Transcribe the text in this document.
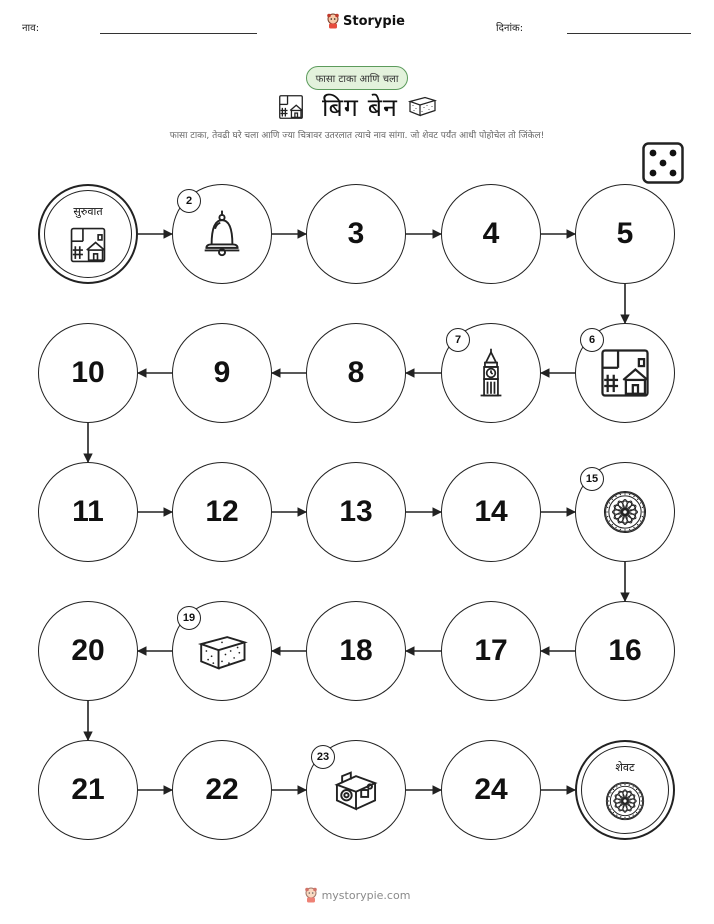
नाव:	Storypie	दिनांक:
फासा टाका आणि चला
बिग बेन
फासा टाका, तेवढी घरे चला आणि ज्या चित्रावर उतरलात त्याचे नाव सांगा. जो शेवट पर्यंत आधी पोहोचेल तो जिंकेल!
सुरुवात
2
3	4	5
6
7
8
9
10
11	12	13	14
15
16
17
18
19
20
21	22
23
24
शेवट
mystorypie.com
